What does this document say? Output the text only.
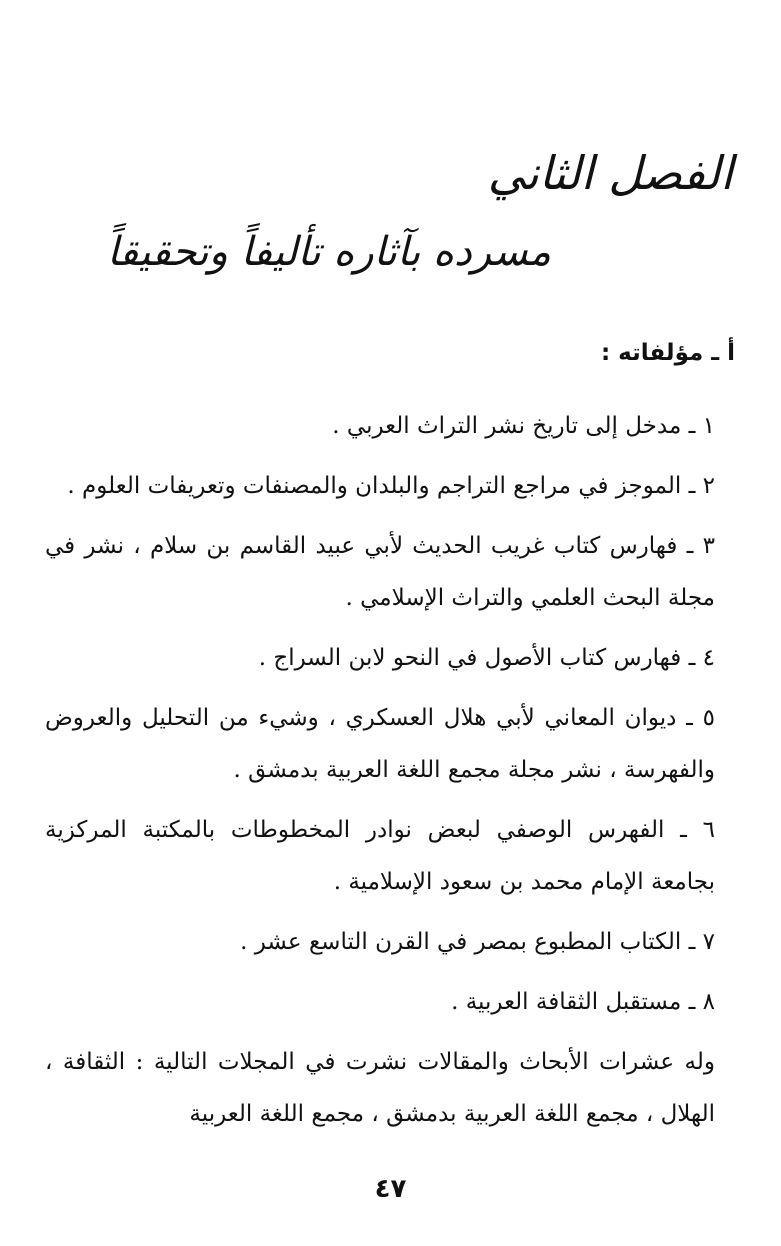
الفصل الثاني
مسرده بآثاره تأليفاً وتحقيقاً
أ ـ مؤلفاته :

١ ـ مدخل إلى تاريخ نشر التراث العربي .

٢ ـ الموجز في مراجع التراجم والبلدان والمصنفات وتعريفات العلوم .

٣ ـ فهارس كتاب غريب الحديث لأبي عبيد القاسم بن سلام ، نشر في مجلة البحث العلمي والتراث الإسلامي .

٤ ـ فهارس كتاب الأصول في النحو لابن السراج .

٥ ـ ديوان المعاني لأبي هلال العسكري ، وشيء من التحليل والعروض والفهرسة ، نشر مجلة مجمع اللغة العربية بدمشق .

٦ ـ الفهرس الوصفي لبعض نوادر المخطوطات بالمكتبة المركزية بجامعة الإمام محمد بن سعود الإسلامية .

٧ ـ الكتاب المطبوع بمصر في القرن التاسع عشر .

٨ ـ مستقبل الثقافة العربية .

وله عشرات الأبحاث والمقالات نشرت في المجلات التالية : الثقافة ، الهلال ، مجمع اللغة العربية بدمشق ، مجمع اللغة العربية

٤٧
